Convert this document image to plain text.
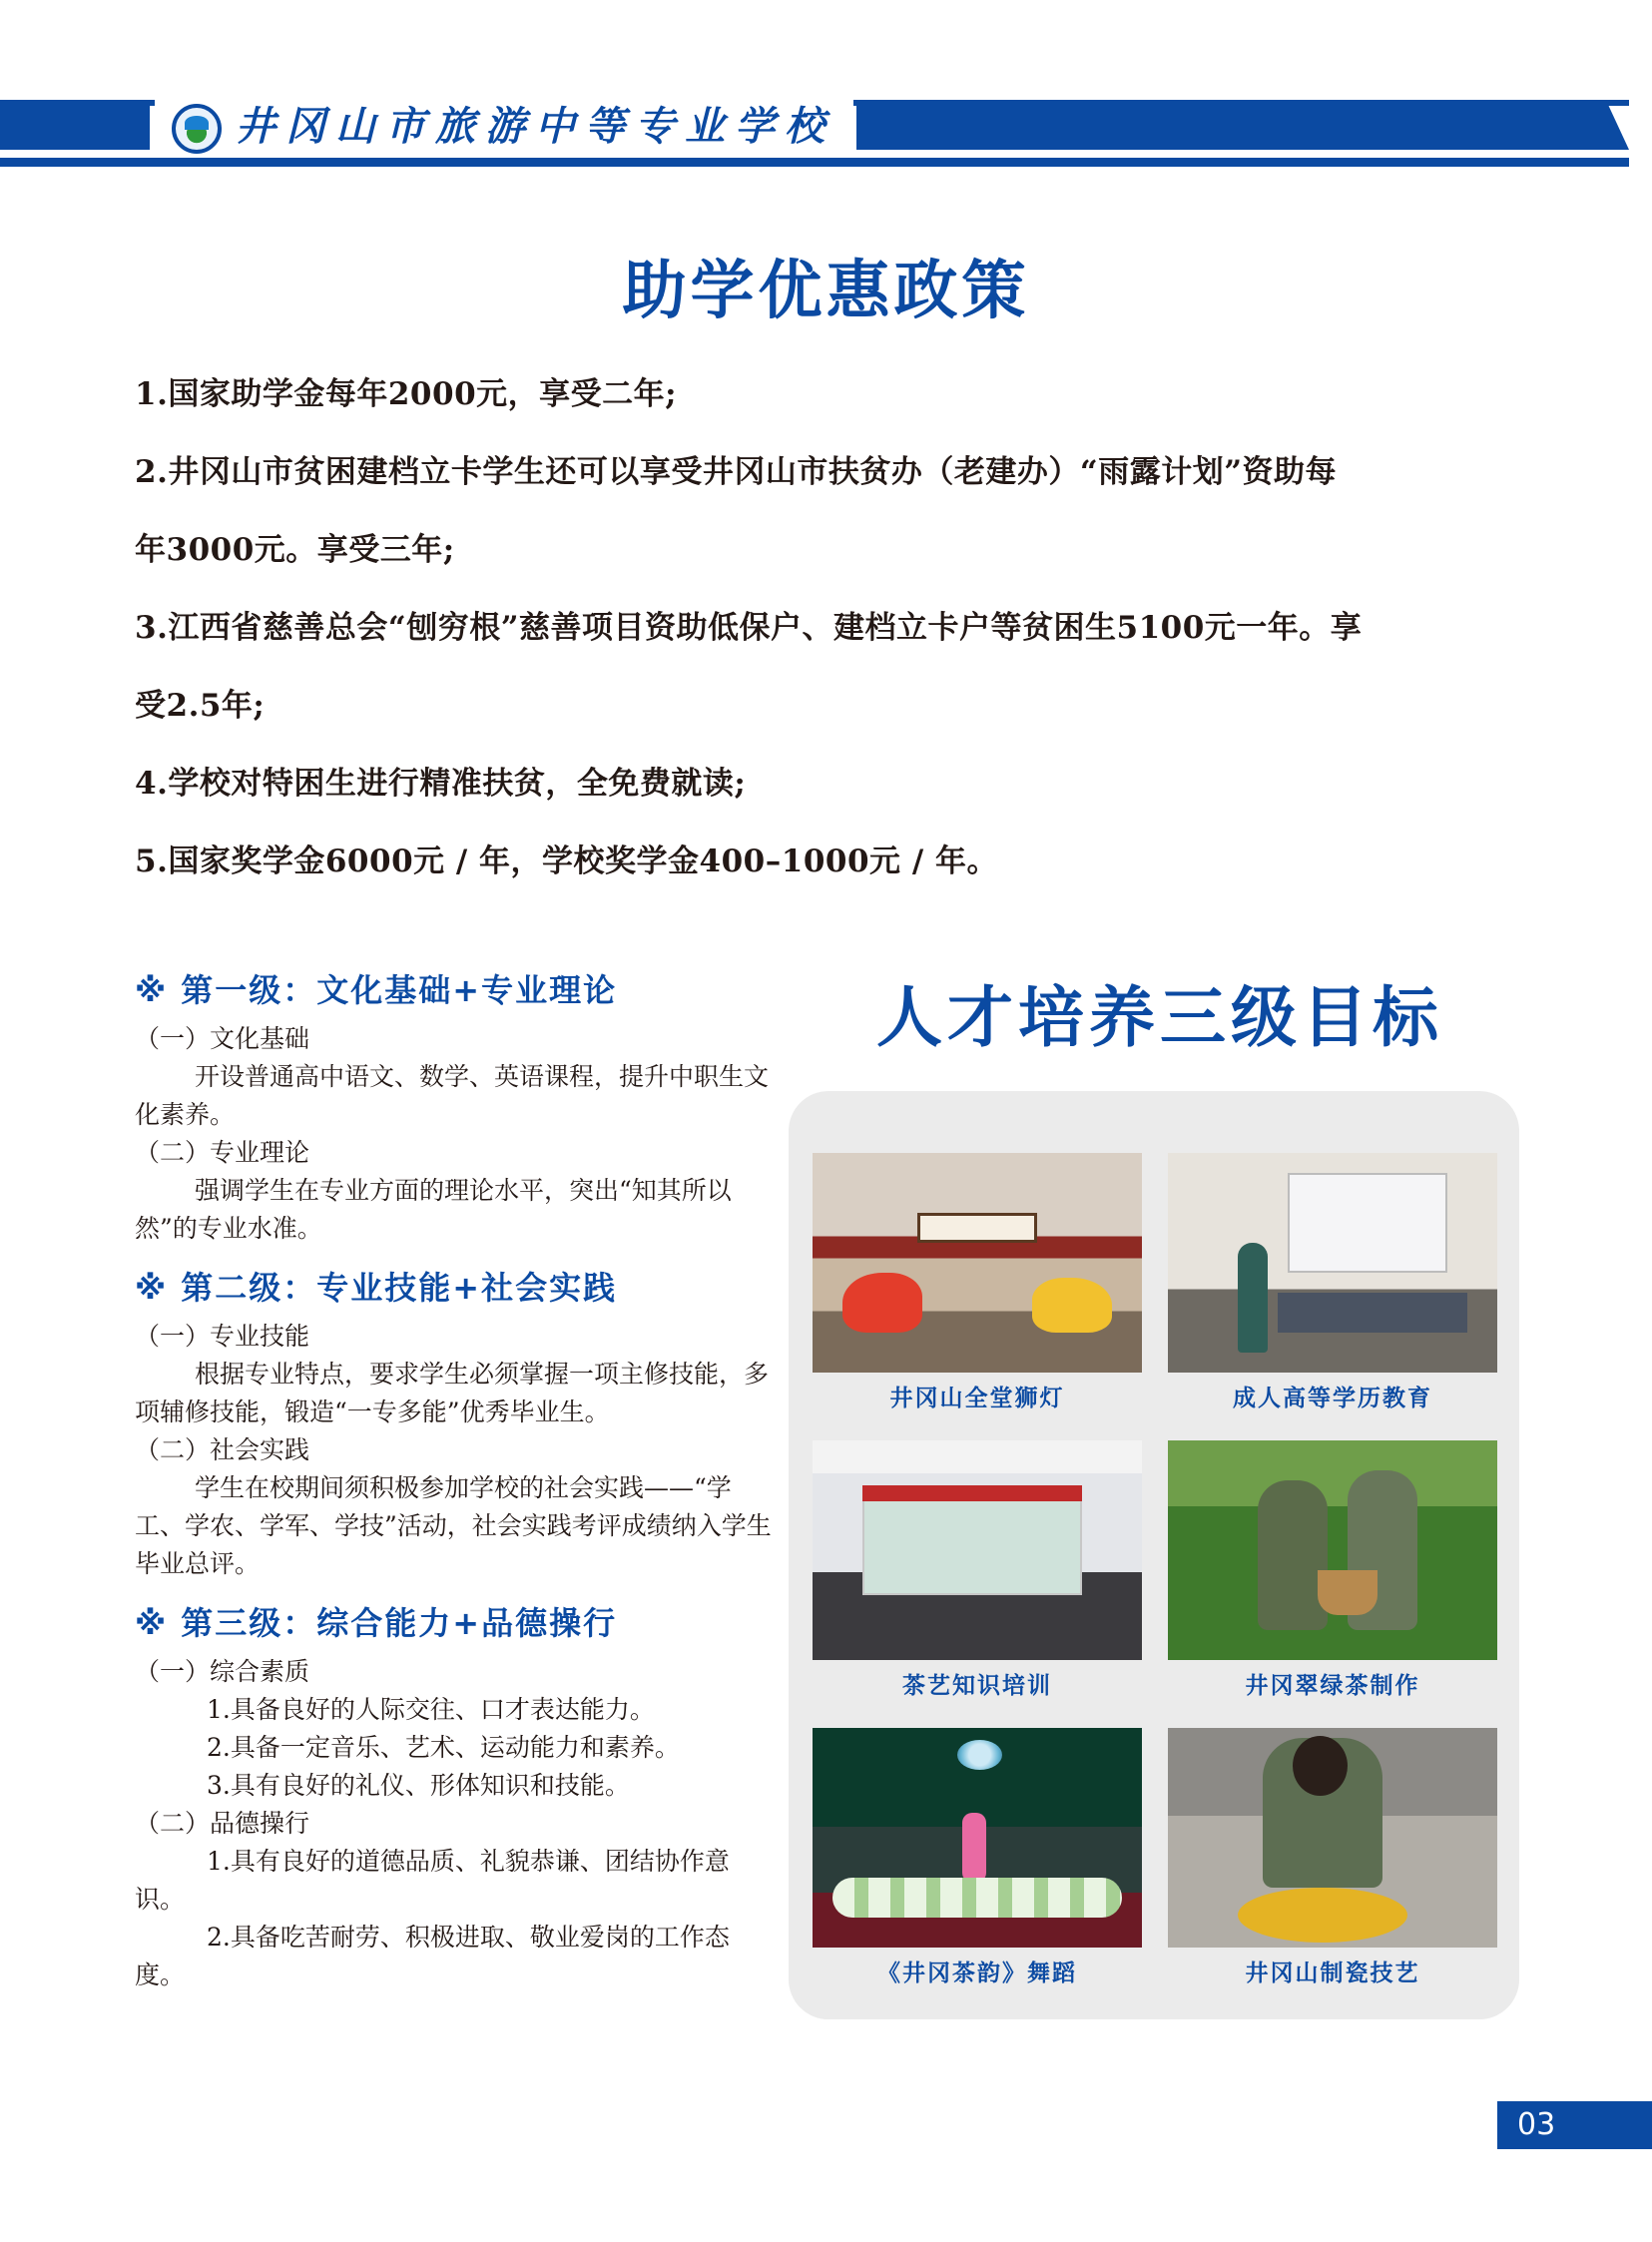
井冈山市旅游中等专业学校
助学优惠政策
1.国家助学金每年2000元，享受二年;
2.井冈山市贫困建档立卡学生还可以享受井冈山市扶贫办（老建办）“雨露计划”资助每
年3000元。享受三年;
3.江西省慈善总会“刨穷根”慈善项目资助低保户、建档立卡户等贫困生5100元一年。享
受2.5年;
4.学校对特困生进行精准扶贫，全免费就读;
5.国家奖学金6000元 / 年，学校奖学金400–1000元 / 年。
※ 第一级：文化基础+专业理论
（一）文化基础
开设普通高中语文、数学、英语课程，提升中职生文化素养。
（二）专业理论
强调学生在专业方面的理论水平，突出“知其所以然”的专业水准。
※ 第二级：专业技能+社会实践
（一）专业技能
根据专业特点，要求学生必须掌握一项主修技能，多项辅修技能，锻造“一专多能”优秀毕业生。
（二）社会实践
学生在校期间须积极参加学校的社会实践——“学工、学农、学军、学技”活动，社会实践考评成绩纳入学生毕业总评。
※ 第三级：综合能力+品德操行
（一）综合素质
1.具备良好的人际交往、口才表达能力。
2.具备一定音乐、艺术、运动能力和素养。
3.具有良好的礼仪、形体知识和技能。
（二）品德操行
1.具有良好的道德品质、礼貌恭谦、团结协作意识。
2.具备吃苦耐劳、积极进取、敬业爱岗的工作态度。
人才培养三级目标
井冈山全堂狮灯	成人高等学历教育
茶艺知识培训	井冈翠绿茶制作
《井冈茶韵》舞蹈	井冈山制瓷技艺
03
